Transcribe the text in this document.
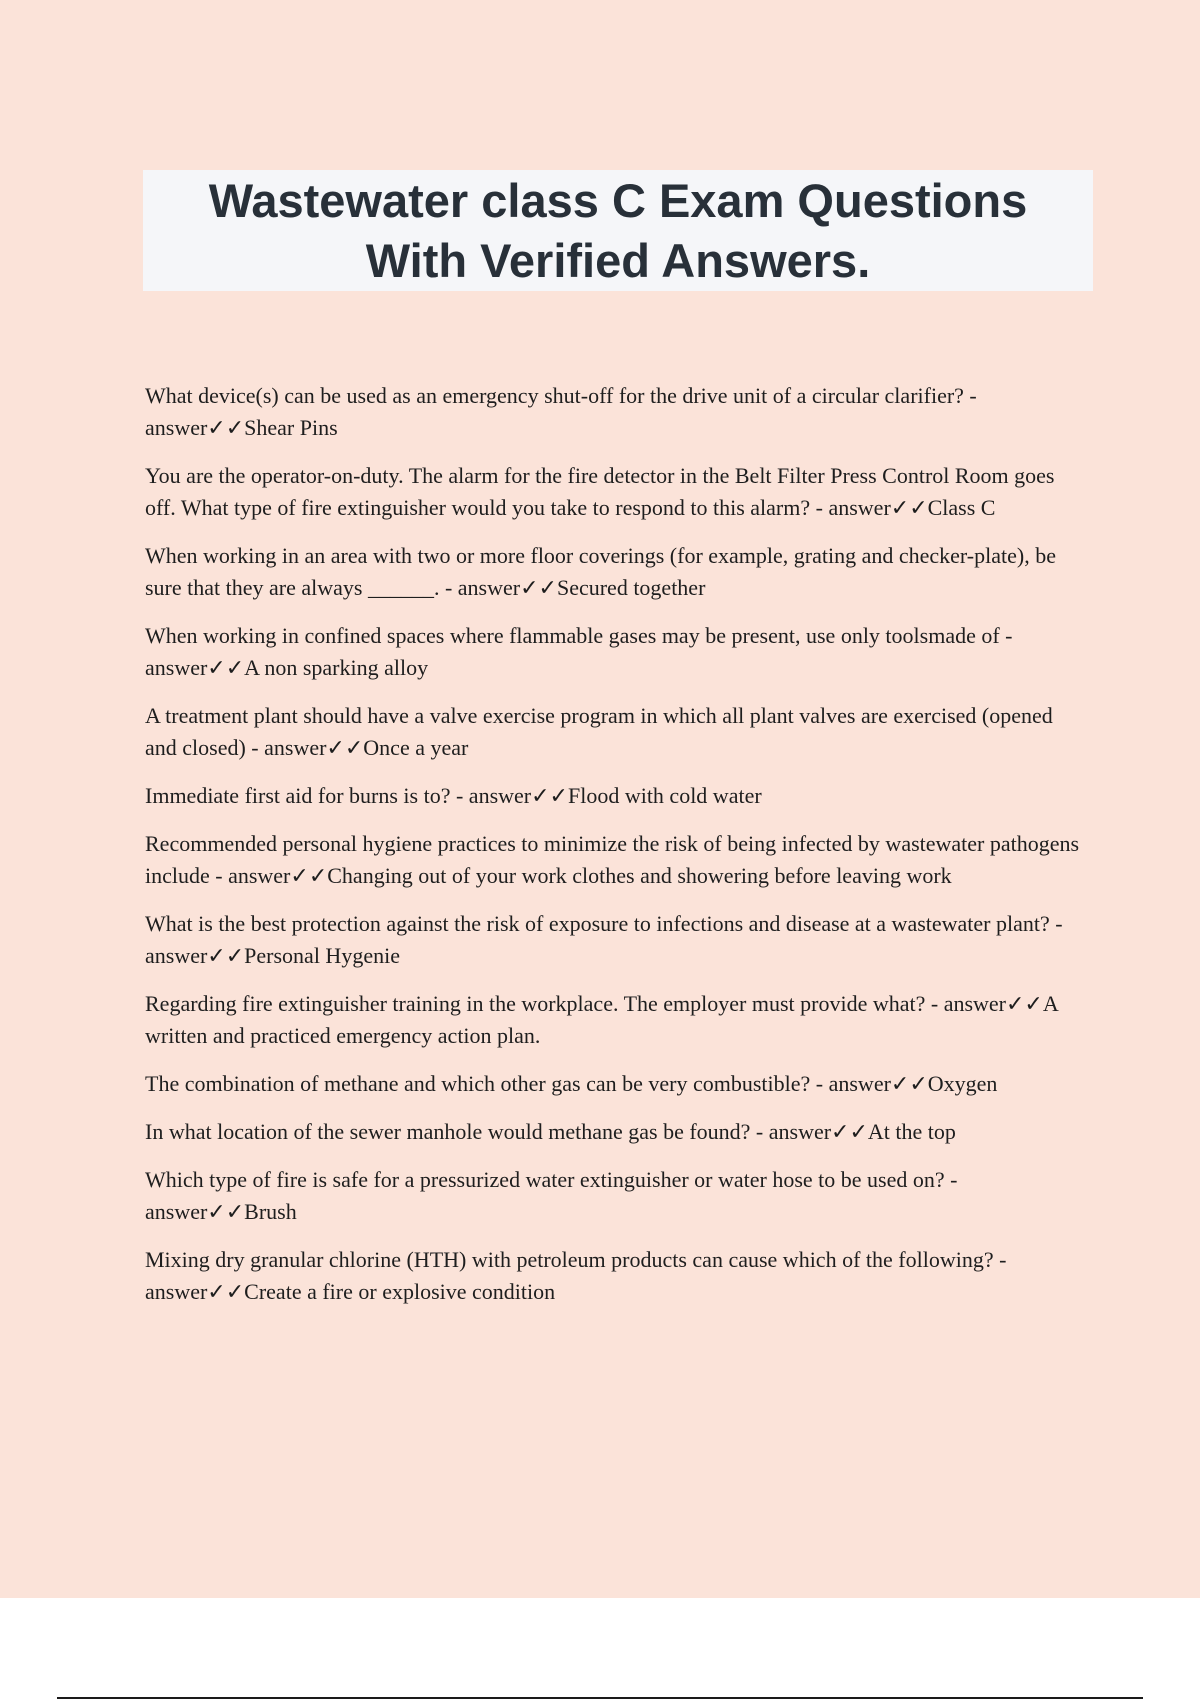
Wastewater class C Exam Questions
With Verified Answers.
What device(s) can be used as an emergency shut-off for the drive unit of a circular clarifier? - answer✓✓Shear Pins
You are the operator-on-duty. The alarm for the fire detector in the Belt Filter Press Control Room goes off. What type of fire extinguisher would you take to respond to this alarm? - answer✓✓Class C
When working in an area with two or more floor coverings (for example, grating and checker-plate), be sure that they are always ______. - answer✓✓Secured together
When working in confined spaces where flammable gases may be present, use only toolsmade of - answer✓✓A non sparking alloy
A treatment plant should have a valve exercise program in which all plant valves are exercised (opened and closed) - answer✓✓Once a year
Immediate first aid for burns is to? - answer✓✓Flood with cold water
Recommended personal hygiene practices to minimize the risk of being infected by wastewater pathogens include - answer✓✓Changing out of your work clothes and showering before leaving work
What is the best protection against the risk of exposure to infections and disease at a wastewater plant? - answer✓✓Personal Hygenie
Regarding fire extinguisher training in the workplace. The employer must provide what? - answer✓✓A written and practiced emergency action plan.
The combination of methane and which other gas can be very combustible? - answer✓✓Oxygen
In what location of the sewer manhole would methane gas be found? - answer✓✓At the top
Which type of fire is safe for a pressurized water extinguisher or water hose to be used on? - answer✓✓Brush
Mixing dry granular chlorine (HTH) with petroleum products can cause which of the following? - answer✓✓Create a fire or explosive condition
